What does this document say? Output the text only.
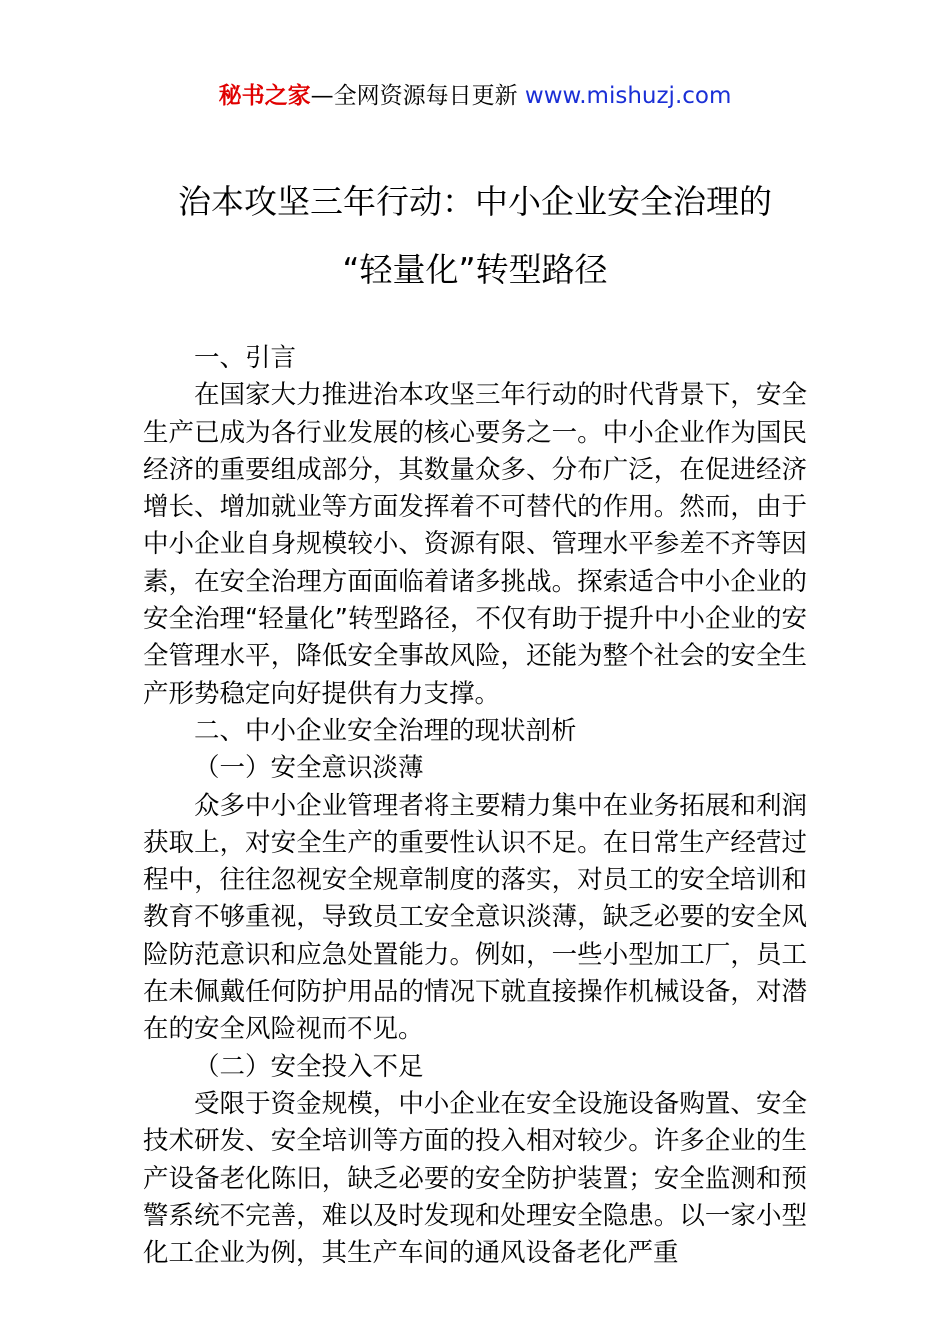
秘书之家—全网资源每日更新 www.mishuzj.com
治本攻坚三年行动：中小企业安全治理的
“轻量化”转型路径

一、引言

在国家大力推进治本攻坚三年行动的时代背景下，安全生产已成为各行业发展的核心要务之一。中小企业作为国民经济的重要组成部分，其数量众多、分布广泛，在促进经济增长、增加就业等方面发挥着不可替代的作用。然而，由于中小企业自身规模较小、资源有限、管理水平参差不齐等因素，在安全治理方面面临着诸多挑战。探索适合中小企业的安全治理“轻量化”转型路径，不仅有助于提升中小企业的安全管理水平，降低安全事故风险，还能为整个社会的安全生产形势稳定向好提供有力支撑。

二、中小企业安全治理的现状剖析

（一）安全意识淡薄

众多中小企业管理者将主要精力集中在业务拓展和利润获取上，对安全生产的重要性认识不足。在日常生产经营过程中，往往忽视安全规章制度的落实，对员工的安全培训和教育不够重视，导致员工安全意识淡薄，缺乏必要的安全风险防范意识和应急处置能力。例如，一些小型加工厂，员工在未佩戴任何防护用品的情况下就直接操作机械设备，对潜在的安全风险视而不见。

（二）安全投入不足

受限于资金规模，中小企业在安全设施设备购置、安全技术研发、安全培训等方面的投入相对较少。许多企业的生产设备老化陈旧，缺乏必要的安全防护装置；安全监测和预警系统不完善，难以及时发现和处理安全隐患。以一家小型化工企业为例，其生产车间的通风设备老化严重
